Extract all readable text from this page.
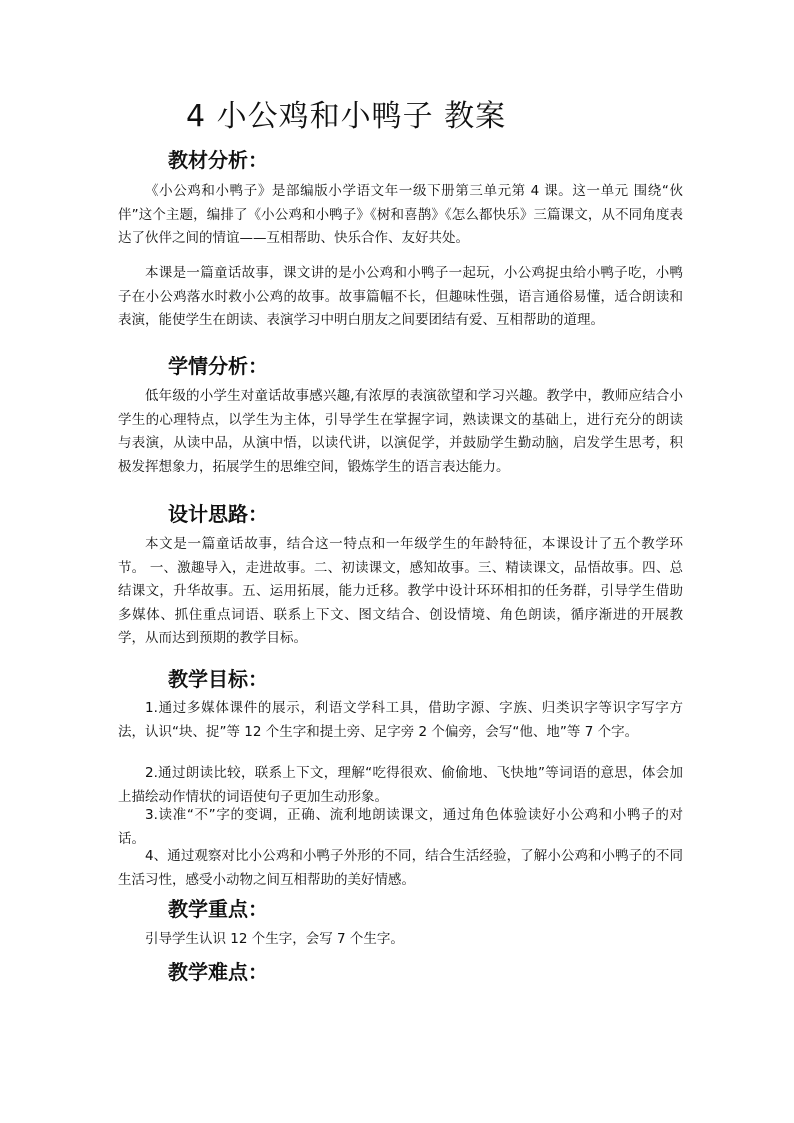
4 小公鸡和小鸭子 教案
教材分析：
《小公鸡和小鸭子》是部编版小学语文年一级下册第三单元第 4 课。这一单元 围绕“伙伴”这个主题，编排了《小公鸡和小鸭子》《树和喜鹊》《怎么都快乐》三篇课文，从不同角度表达了伙伴之间的情谊——互相帮助、快乐合作、友好共处。
本课是一篇童话故事，课文讲的是小公鸡和小鸭子一起玩，小公鸡捉虫给小鸭子吃，小鸭子在小公鸡落水时救小公鸡的故事。故事篇幅不长，但趣味性强，语言通俗易懂，适合朗读和表演，能使学生在朗读、表演学习中明白朋友之间要团结有爱、互相帮助的道理。
学情分析：
低年级的小学生对童话故事感兴趣,有浓厚的表演欲望和学习兴趣。教学中，教师应结合小学生的心理特点，以学生为主体，引导学生在掌握字词，熟读课文的基础上，进行充分的朗读与表演，从读中品，从演中悟，以读代讲，以演促学，并鼓励学生勤动脑，启发学生思考，积极发挥想象力，拓展学生的思维空间，锻炼学生的语言表达能力。
设计思路：
本文是一篇童话故事，结合这一特点和一年级学生的年龄特征，本课设计了五个教学环节。 一、激趣导入，走进故事。二、初读课文，感知故事。三、精读课文，品悟故事。四、总结课文，升华故事。五、运用拓展，能力迁移。教学中设计环环相扣的任务群，引导学生借助多媒体、抓住重点词语、联系上下文、图文结合、创设情境、角色朗读，循序渐进的开展教学，从而达到预期的教学目标。
教学目标：
1.通过多媒体课件的展示，利语文学科工具，借助字源、字族、归类识字等识字写字方法，认识“块、捉”等 12 个生字和提土旁、足字旁 2 个偏旁，会写“他、地”等 7 个字。
2.通过朗读比较，联系上下文，理解“吃得很欢、偷偷地、飞快地”等词语的意思，体会加上描绘动作情状的词语使句子更加生动形象。
3.读准“不”字的变调，正确、流利地朗读课文，通过角色体验读好小公鸡和小鸭子的对话。
4、通过观察对比小公鸡和小鸭子外形的不同，结合生活经验，了解小公鸡和小鸭子的不同生活习性，感受小动物之间互相帮助的美好情感。
教学重点：
引导学生认识 12 个生字，会写 7 个生字。
教学难点：
